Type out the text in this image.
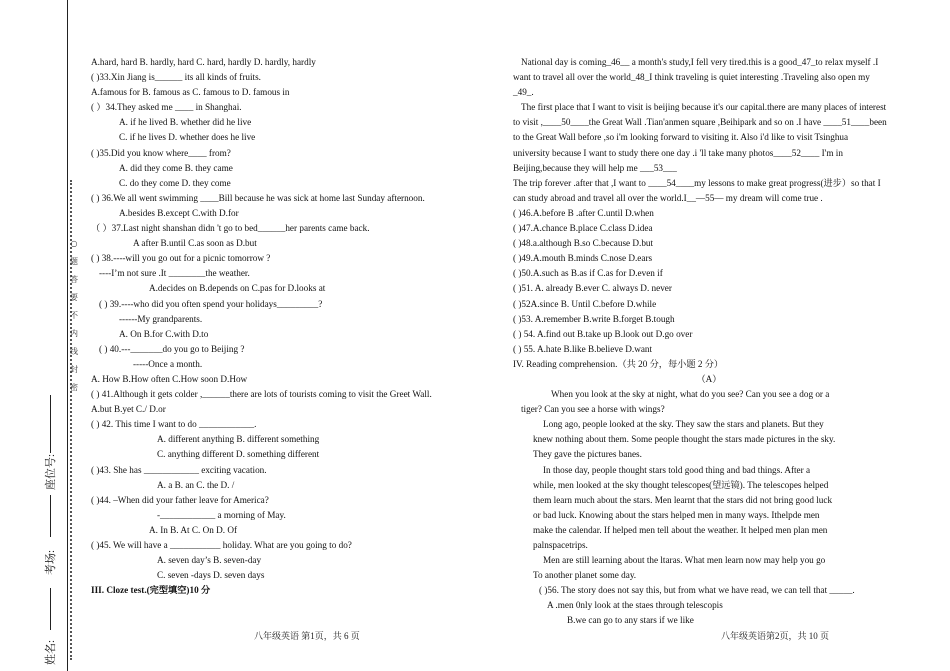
○
题
答
要
不
内
线
封
密
座位号:
考场:
姓名:
A.hard, hard B. hardly, hard C. hard, hardly D. hardly, hardly
( )33.Xin Jiang is______ its all kinds of fruits.
A.famous for B. famous as C. famous to D. famous in
( ）34.They asked me ____ in Shanghai.
A. if he lived B. whether did he live
C. if he lives D. whether does he live
( )35.Did you know where____ from?
A. did they come B. they came
C. do they come D. they come
( ) 36.We all went swimming ____Bill because he was sick at home last Sunday afternoon.
A.besides B.except C.with D.for
（ ）37.Last night shanshan didn 't go to bed______her parents came back.
A after B.until C.as soon as D.but
( ) 38.----will you go out for a picnic tomorrow ?
----I’m not sure .It ________the weather.
A.decides on B.depends on C.pas for D.looks at
( ) 39.----who did you often spend your holidays_________?
------My grandparents.
A. On B.for C.with D.to
( ) 40.---_______do you go to Beijing ?
-----Once a month.
A. How B.How often C.How soon D.How
( ) 41.Although it gets colder ,______there are lots of tourists coming to visit the Greet Wall.
A.but B.yet C./ D.or
( ) 42. This time I want to do ____________.
A. different anything B. different something
C. anything different D. something different
( )43. She has ____________ exciting vacation.
A. a B. an C. the D. /
( )44. –When did your father leave for America?
-____________ a morning of May.
A. In B. At C. On D. Of
( )45. We will have a ___________ holiday. What are you going to do?
A. seven day’s B. seven-day
C. seven -days D. seven days
III. Cloze test.(完型填空)10 分
National day is coming_46__ a month's study,I fell very tired.this is a good_47_to relax myself .I
want to travel all over the world_48_I think traveling is quiet interesting .Traveling also open my
_49_.
The first place that I want to visit is beijing because it's our capital.there are many places of interest
to visit ,____50____the Great Wall .Tian'anmen square ,Beihipark and so on .I have ____51____been
to the Great Wall before ,so i'm looking forward to visiting it. Also i'd like to visit Tsinghua
university because I want to study there one day .i 'll take many photos____52____ I'm in
Beijing,because they will help me ___53___
The trip forever .after that ,I want to ____54____my lessons to make great progress(进步）so that I
can study abroad and travel all over the world.I__—55— my dream will come true .
( )46.A.before B .after C.until D.when
( )47.A.chance B.place C.class D.idea
( )48.a.although B.so C.because D.but
( )49.A.mouth B.minds C.nose D.ears
( )50.A.such as B.as if C.as for D.even if
( )51. A. already B.ever C. always D. never
( )52A.since B. Until C.before D.while
( )53. A.remember B.write B.forget B.tough
( ) 54. A.find out B.take up B.look out D.go over
( ) 55. A.hate B.like B.believe D.want
IV. Reading comprehension.（共 20 分，每小题 2 分）
（A）
When you look at the sky at night, what do you see? Can you see a dog or a
tiger? Can you see a horse with wings?
Long ago, people looked at the sky. They saw the stars and planets. But they
knew nothing about them. Some people thought the stars made pictures in the sky.
They gave the pictures banes.
In those day, people thought stars told good thing and bad things. After a
while, men looked at the sky thought telescopes(望远镜). The telescopes helped
them learn much about the stars. Men learnt that the stars did not bring good luck
or bad luck. Knowing about the stars helped men in many ways. Ithelpde men
make the calendar. If helped men tell about the weather. It helped men plan men
palnspacetrips.
Men are still learning about the ltaras. What men learn now may help you go
To another planet some day.
( )56. The story does not say this, but from what we have read, we can tell that _____.
A .men 0nly look at the staes through telescopis
B.we can go to any stars if we like
八年级英语 第1页，共 6 页	八年级英语第2页，共 10 页
